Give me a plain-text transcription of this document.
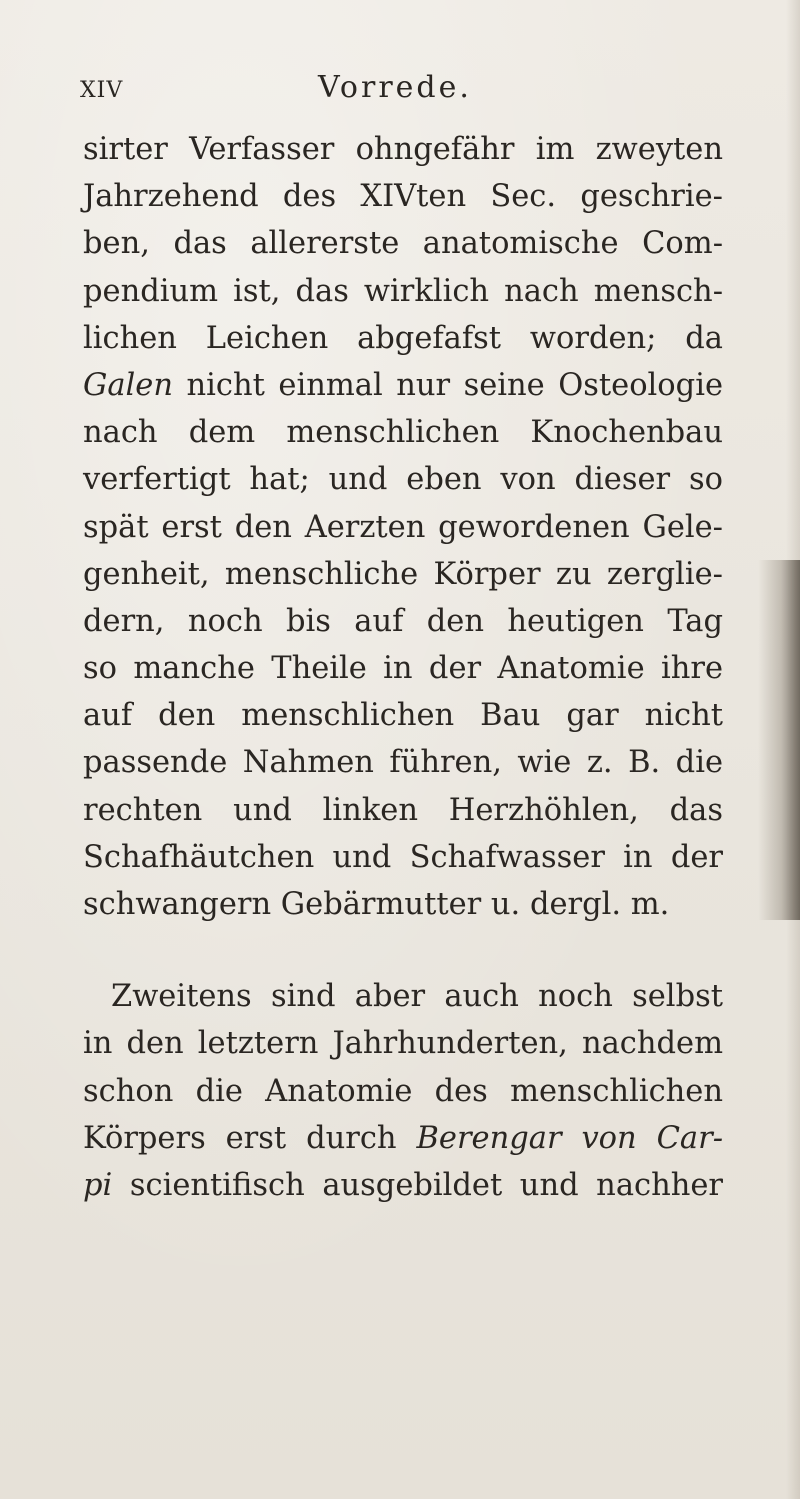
XIV	Vorrede.
sirter Verfasser ohngefähr im zweyten
Jahrzehend des XIVten Sec. geschrie-
ben, das allererste anatomische Com-
pendium ist, das wirklich nach mensch-
lichen Leichen abgefafst worden; da
Galen nicht einmal nur seine Osteologie
nach dem menschlichen Knochenbau
verfertigt hat; und eben von dieser so
spät erst den Aerzten gewordenen Gele-
genheit, menschliche Körper zu zerglie-
dern, noch bis auf den heutigen Tag
so manche Theile in der Anatomie ihre
auf den menschlichen Bau gar nicht
passende Nahmen führen, wie z. B. die
rechten und linken Herzhöhlen, das
Schafhäutchen und Schafwasser in der
schwangern Gebärmutter u. dergl. m.
Zweitens sind aber auch noch selbst
in den letztern Jahrhunderten, nachdem
schon die Anatomie des menschlichen
Körpers erst durch Berengar von Car-
pi scientifisch ausgebildet und nachher
